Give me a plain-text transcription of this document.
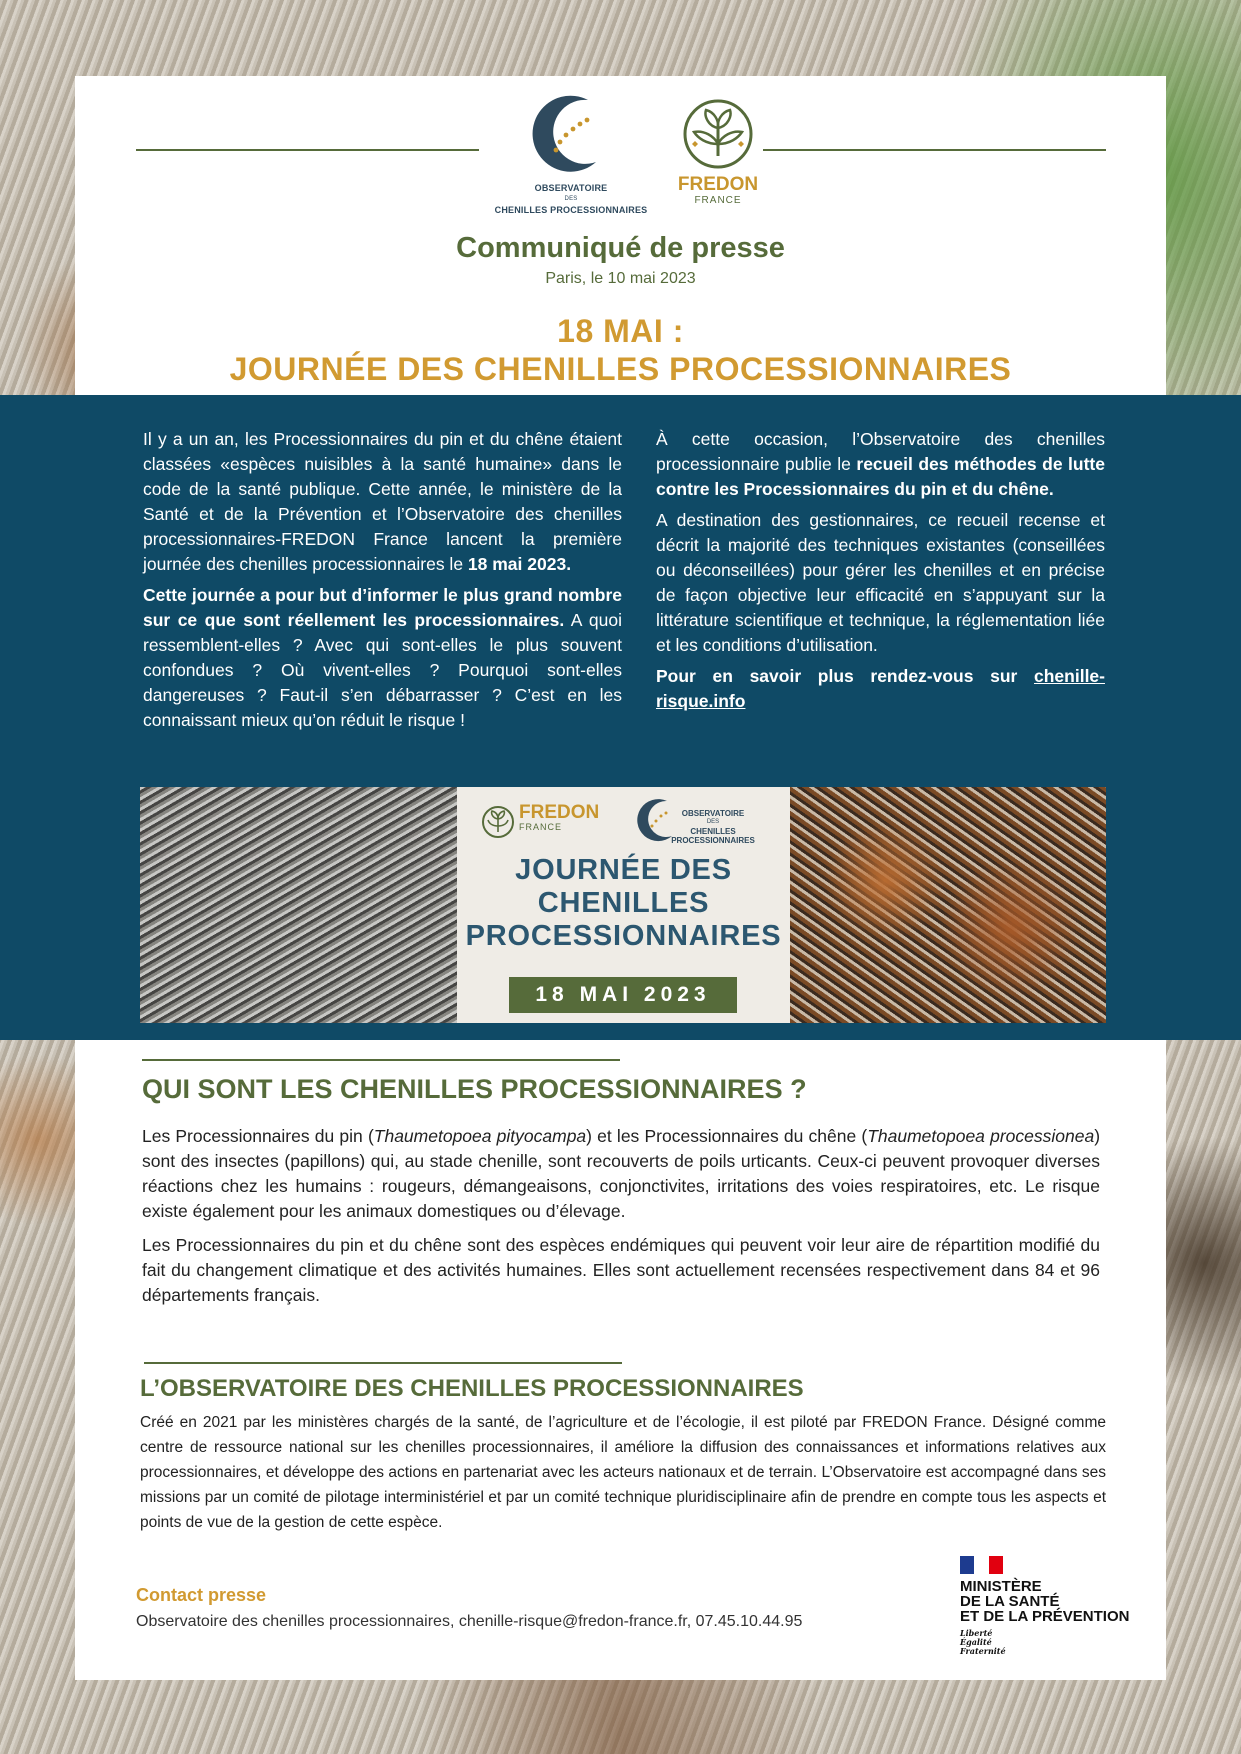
OBSERVATOIRE
DES
CHENILLES PROCESSIONNAIRES
FREDON
FRANCE
Communiqué de presse
Paris, le 10 mai 2023
18 MAI :
JOURNÉE DES CHENILLES PROCESSIONNAIRES
QUI SONT LES CHENILLES PROCESSIONNAIRES ?

Les Processionnaires du pin (Thaumetopoea pityocampa) et les Processionnaires du chêne (Thaumetopoea processionea) sont des insectes (papillons) qui, au stade chenille, sont recouverts de poils urticants. Ceux-ci peuvent provoquer diverses réactions chez les humains : rougeurs, démangeaisons, conjonctivites, irritations des voies respiratoires, etc. Le risque existe également pour les animaux domestiques ou d’élevage.

Les Processionnaires du pin et du chêne sont des espèces endémiques qui peuvent voir leur aire de répartition modifié du fait du changement climatique et des activités humaines. Elles sont actuellement recensées respectivement dans 84 et 96 départements français.

L’OBSERVATOIRE DES CHENILLES PROCESSIONNAIRES

Créé en 2021 par les ministères chargés de la santé, de l’agriculture et de l’écologie, il est piloté par FREDON France. Désigné comme centre de ressource national sur les chenilles processionnaires, il améliore la diffusion des connaissances et informations relatives aux processionnaires, et développe des actions en partenariat avec les acteurs nationaux et de terrain. L’Observatoire est accompagné dans ses missions par un comité de pilotage interministériel et par un comité technique pluridisciplinaire afin de prendre en compte tous les aspects et points de vue de la gestion de cette espèce.

Contact presse
Observatoire des chenilles processionnaires, chenille-risque@fredon-france.fr, 07.45.10.44.95
MINISTÈRE
DE LA SANTÉ
ET DE LA PRÉVENTION
Liberté
Égalité
Fraternité

Il y a un an, les Processionnaires du pin et du chêne étaient classées «espèces nuisibles à la santé humaine» dans le code de la santé publique. Cette année, le ministère de la Santé et de la Prévention et l’Observatoire des chenilles processionnaires-FREDON France lancent la première journée des chenilles processionnaires le 18 mai 2023.

Cette journée a pour but d’informer le plus grand nombre sur ce que sont réellement les processionnaires. A quoi ressemblent-elles ? Avec qui sont-elles le plus souvent confondues ? Où vivent-elles ? Pourquoi sont-elles dangereuses ? Faut-il s’en débarrasser ? C’est en les connaissant mieux qu’on réduit le risque !

À cette occasion, l’Observatoire des chenilles processionnaire publie le recueil des méthodes de lutte contre les Processionnaires du pin et du chêne.

A destination des gestionnaires, ce recueil recense et décrit la majorité des techniques existantes (conseillées ou déconseillées) pour gérer les chenilles et en précise de façon objective leur efficacité en s’appuyant sur la littérature scientifique et technique, la réglementation liée et les conditions d’utilisation.

Pour en savoir plus rendez-vous sur chenille-risque.info

FREDON
FRANCE
OBSERVATOIRE
DES
CHENILLES PROCESSIONNAIRES
JOURNÉE DES
CHENILLES
PROCESSIONNAIRES
18 MAI 2023
